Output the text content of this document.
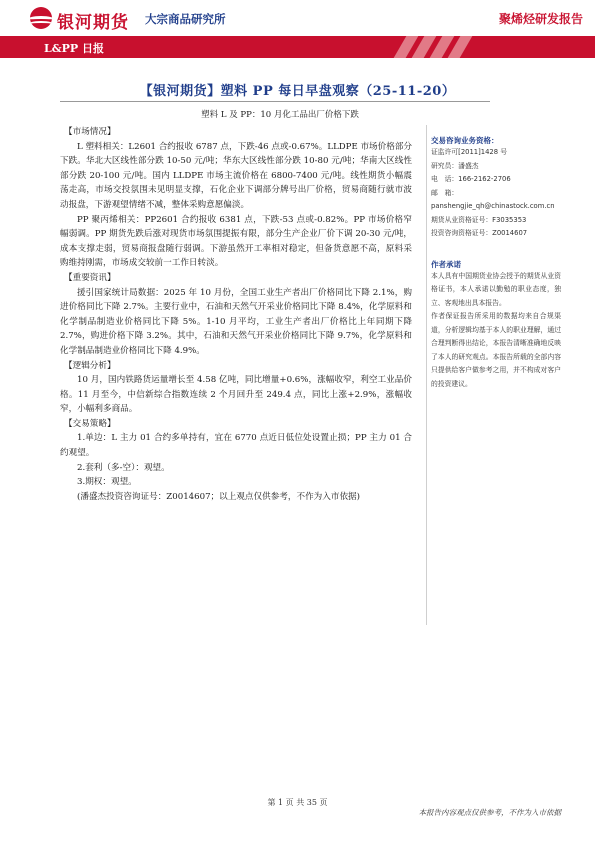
银河期货 大宗商品研究所	聚烯烃研发报告
L&PP 日报
【银河期货】塑料 PP 每日早盘观察（25-11-20）
塑料 L 及 PP：10 月化工品出厂价格下跌
【市场情况】

L 塑料相关：L2601 合约报收 6787 点，下跌-46 点或-0.67%。LLDPE 市场价格部分下跌。华北大区线性部分跌 10-50 元/吨；华东大区线性部分跌 10-80 元/吨；华南大区线性部分跌 20-100 元/吨。国内 LLDPE 市场主流价格在 6800-7400 元/吨。线性期货小幅震荡走高，市场交投氛围未见明显支撑，石化企业下调部分牌号出厂价格，贸易商随行就市波动报盘，下游观望情绪不减，整体采购意愿偏淡。

PP 聚丙烯相关：PP2601 合约报收 6381 点，下跌-53 点或-0.82%。PP 市场价格窄幅弱调。PP 期货先跌后涨对现货市场氛围提振有限，部分生产企业厂价下调 20-30 元/吨，成本支撑走弱，贸易商报盘随行弱调。下游虽然开工率相对稳定，但备货意愿不高，原料采购维持刚需，市场成交较前一工作日转淡。

【重要资讯】

援引国家统计局数据：2025 年 10 月份，全国工业生产者出厂价格同比下降 2.1%，购进价格同比下降 2.7%。主要行业中，石油和天然气开采业价格同比下降 8.4%，化学原料和化学制品制造业价格同比下降 5%。1-10 月平均，工业生产者出厂价格比上年同期下降 2.7%，购进价格下降 3.2%。其中，石油和天然气开采业价格同比下降 9.7%，化学原料和化学制品制造业价格同比下降 4.9%。

【逻辑分析】

10 月，国内铁路货运量增长至 4.58 亿吨，同比增量+0.6%，涨幅收窄，利空工业品价格。11 月至今，中信新综合指数连续 2 个月回升至 249.4 点，同比上涨+2.9%，涨幅收窄，小幅利多商品。

【交易策略】

1.单边：L 主力 01 合约多单持有，宜在 6770 点近日低位处设置止损；PP 主力 01 合约观望。

2.套利（多-空）：观望。
3.期权：观望。
(潘盛杰投资咨询证号：Z0014607；以上观点仅供参考，不作为入市依据)
交易咨询业务资格：
证监许可[2011]1428 号
研究员：潘盛杰
电　话：166-2162-2706
邮　箱：
panshengjie_qh@chinastock.com.cn
期货从业资格证号：F3035353
投资咨询资格证号：Z0014607
作者承诺
本人具有中国期货业协会授予的期货从业资格证书，本人承诺以勤勉的职业态度，独立、客观地出具本报告。
作者保证报告所采用的数据均来自合规渠道，分析逻辑均基于本人的职业理解，通过合理判断得出结论，本报告清晰准确地反映了本人的研究观点。本报告所载的全部内容只提供给客户做参考之用，并不构成对客户的投资建议。
第 1 页 共 35 页
本报告内容观点仅供参考，不作为入市依据
